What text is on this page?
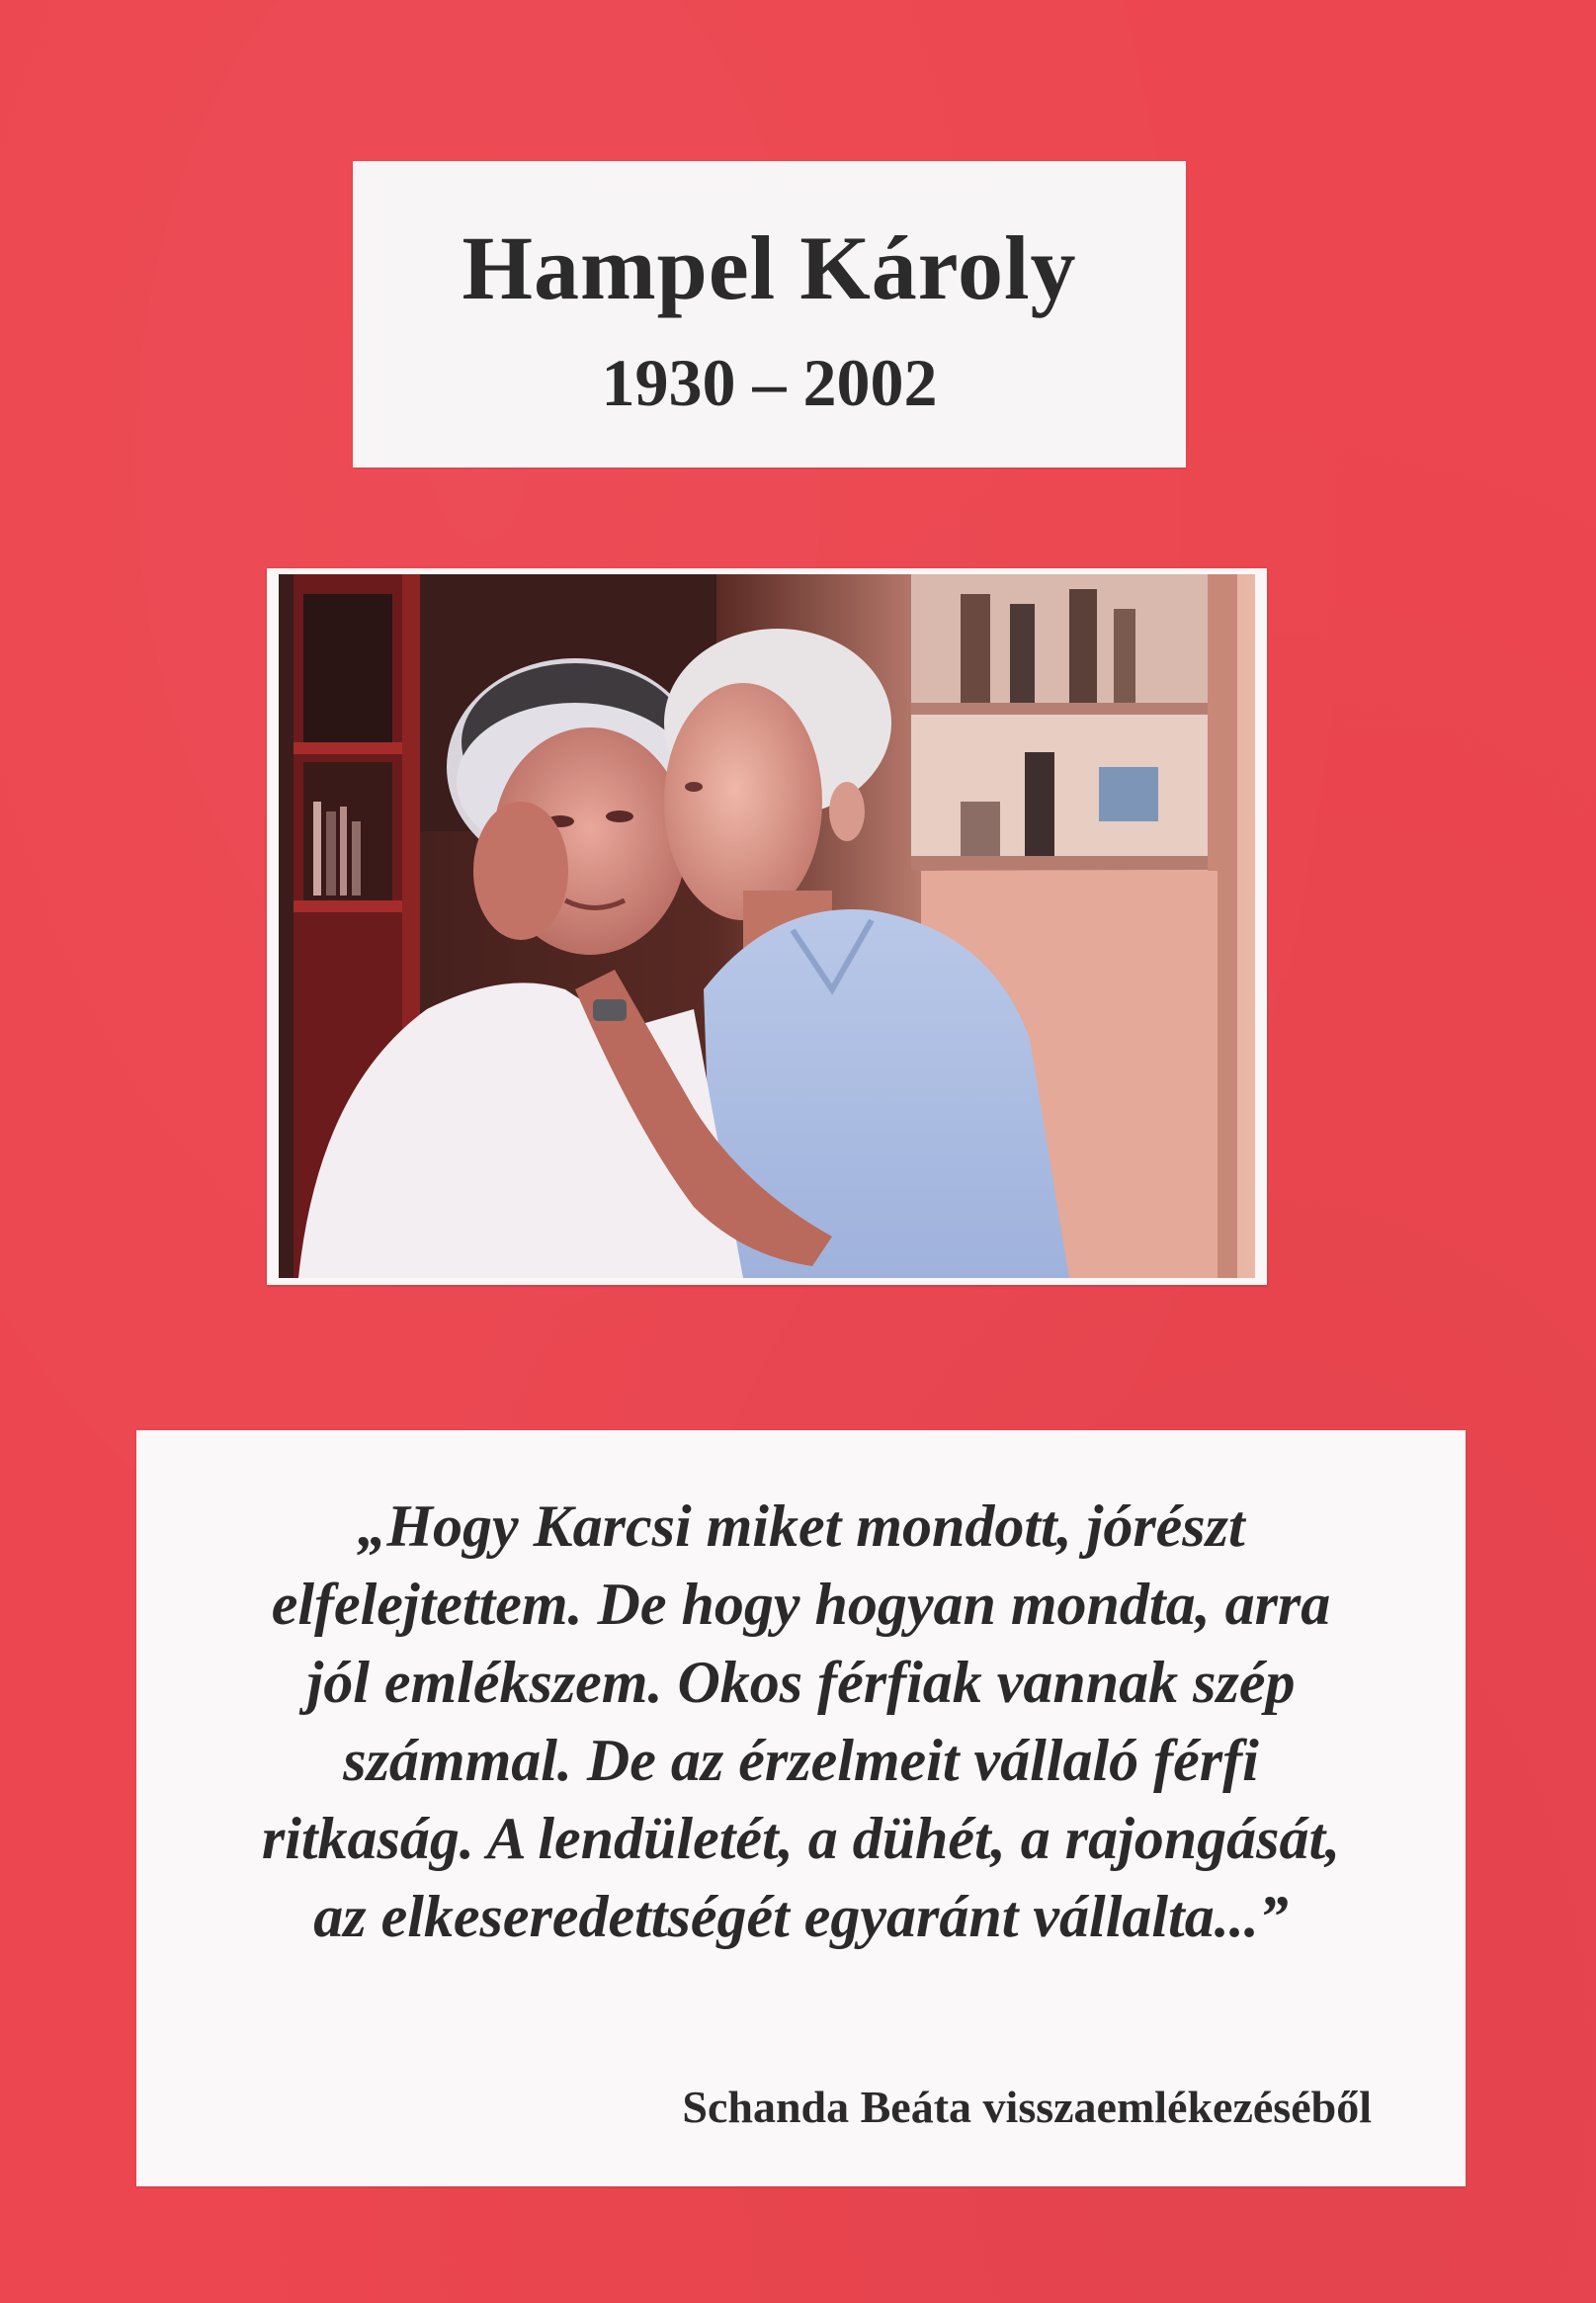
Hampel Károly
1930 – 2002
„Hogy Karcsi miket mondott, jórészt
elfelejtettem. De hogy hogyan mondta, arra
jól emlékszem. Okos férfiak vannak szép
számmal. De az érzelmeit vállaló férfi
ritkaság. A lendületét, a dühét, a rajongását,
az elkeseredettségét egyaránt vállalta...”
Schanda Beáta visszaemlékezéséből
